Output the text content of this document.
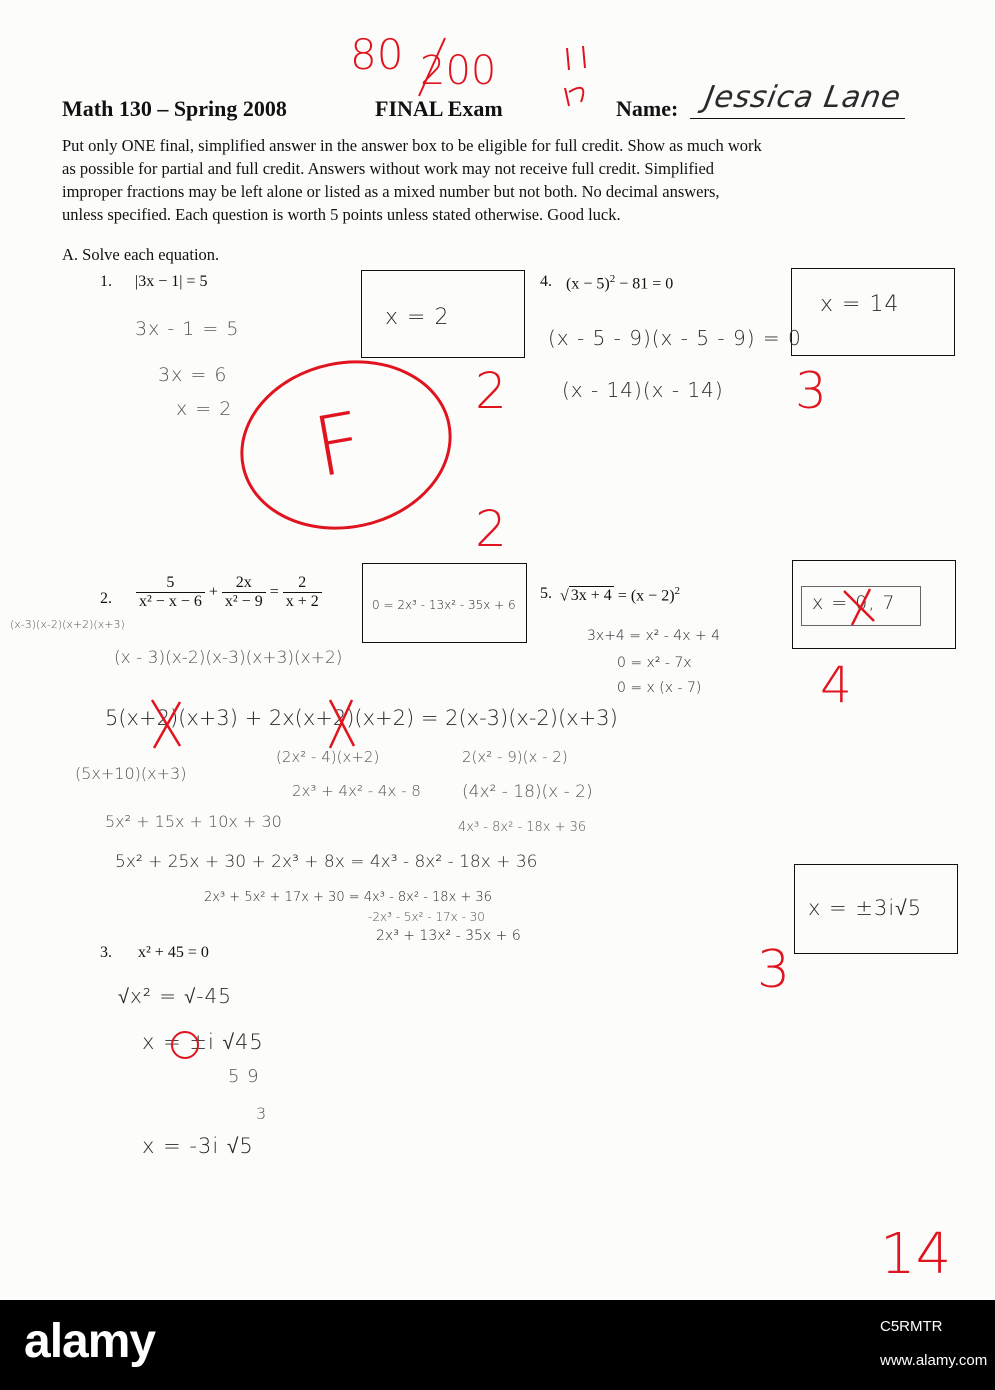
80 200
Math 130 – Spring 2008	FINAL Exam	Name: Jessica Lane
Put only ONE final, simplified answer in the answer box to be eligible for full credit. Show as much work
as possible for partial and full credit. Answers without work may not receive full credit. Simplified
improper fractions may be left alone or listed as a mixed number but not both. No decimal answers,
unless specified. Each question is worth 5 points unless stated otherwise. Good luck.
A. Solve each equation.
1. |3x − 1| = 5
x = 2
3x - 1 = 5
3x = 6
x = 2	2
F
2
4. $(x - 5)^2 - 81 = 0$
x = 14
(x - 5 - 9)(x - 5 - 9) = 0
(x - 14)(x - 14) 3
2. $\frac{5}{\text{x² − x − 6}} + \frac{2x}{\text{x² − 9}} = \frac{2}{x + 2}$	0 = 2x³ - 13x² - 35x + 6
(x-3)(x-2)(x+2)(x+3)
(x - 3)(x-2)(x-3)(x+3)(x+2)
5(x+2)(x+3) + 2x(x+2)(x+2) = 2(x-3)(x-2)(x+3)
(2x² - 4)(x+2)	2(x² - 9)(x - 2)
(5x+10)(x+3)
2x³ + 4x² - 4x - 8 (4x² - 18)(x - 2)
5x² + 15x + 10x + 30	4x³ - 8x² - 18x + 36
5x² + 25x + 30 + 2x³ + 8x = 4x³ - 8x² - 18x + 36
2x³ + 5x² + 17x + 30 = 4x³ - 8x² - 18x + 36
-2x³ - 5x² - 17x - 30
2x³ + 13x² - 35x + 6
5. √ $3x + 4 = (x - 2)^2$
x = 0, 7
3x+4 = x² - 4x + 4
0 = x² - 7x
0 = x (x - 7) 4
x = ±3i√5
3
3. x² + 45 = 0
√x² = √-45
x = ±i √45
5 9
3
x = -3i √5
14
alamy	C5RMTR
www.alamy.com
